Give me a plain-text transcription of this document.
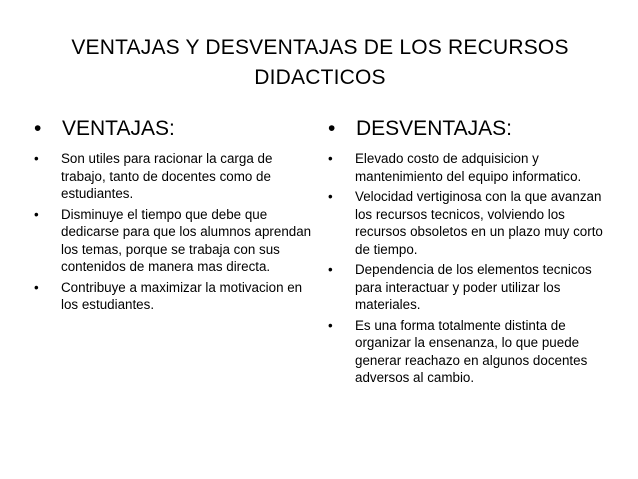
VENTAJAS Y DESVENTAJAS DE LOS RECURSOS DIDACTICOS
• VENTAJAS:
•	Son utiles para racionar la carga de trabajo, tanto de docentes como de estudiantes.
•	Disminuye el tiempo que debe que dedicarse para que los alumnos aprendan los temas, porque se trabaja con sus contenidos de manera mas directa.
•	Contribuye a maximizar la motivacion en los estudiantes.
• DESVENTAJAS:
•	Elevado costo de adquisicion y mantenimiento del equipo informatico.
•	Velocidad vertiginosa con la que avanzan los recursos tecnicos, volviendo los recursos obsoletos en un plazo muy corto de tiempo.
•	Dependencia de los elementos tecnicos para interactuar y poder utilizar los materiales.
•	Es una forma totalmente distinta de organizar la ensenanza, lo que puede generar reachazo en algunos docentes adversos al cambio.
